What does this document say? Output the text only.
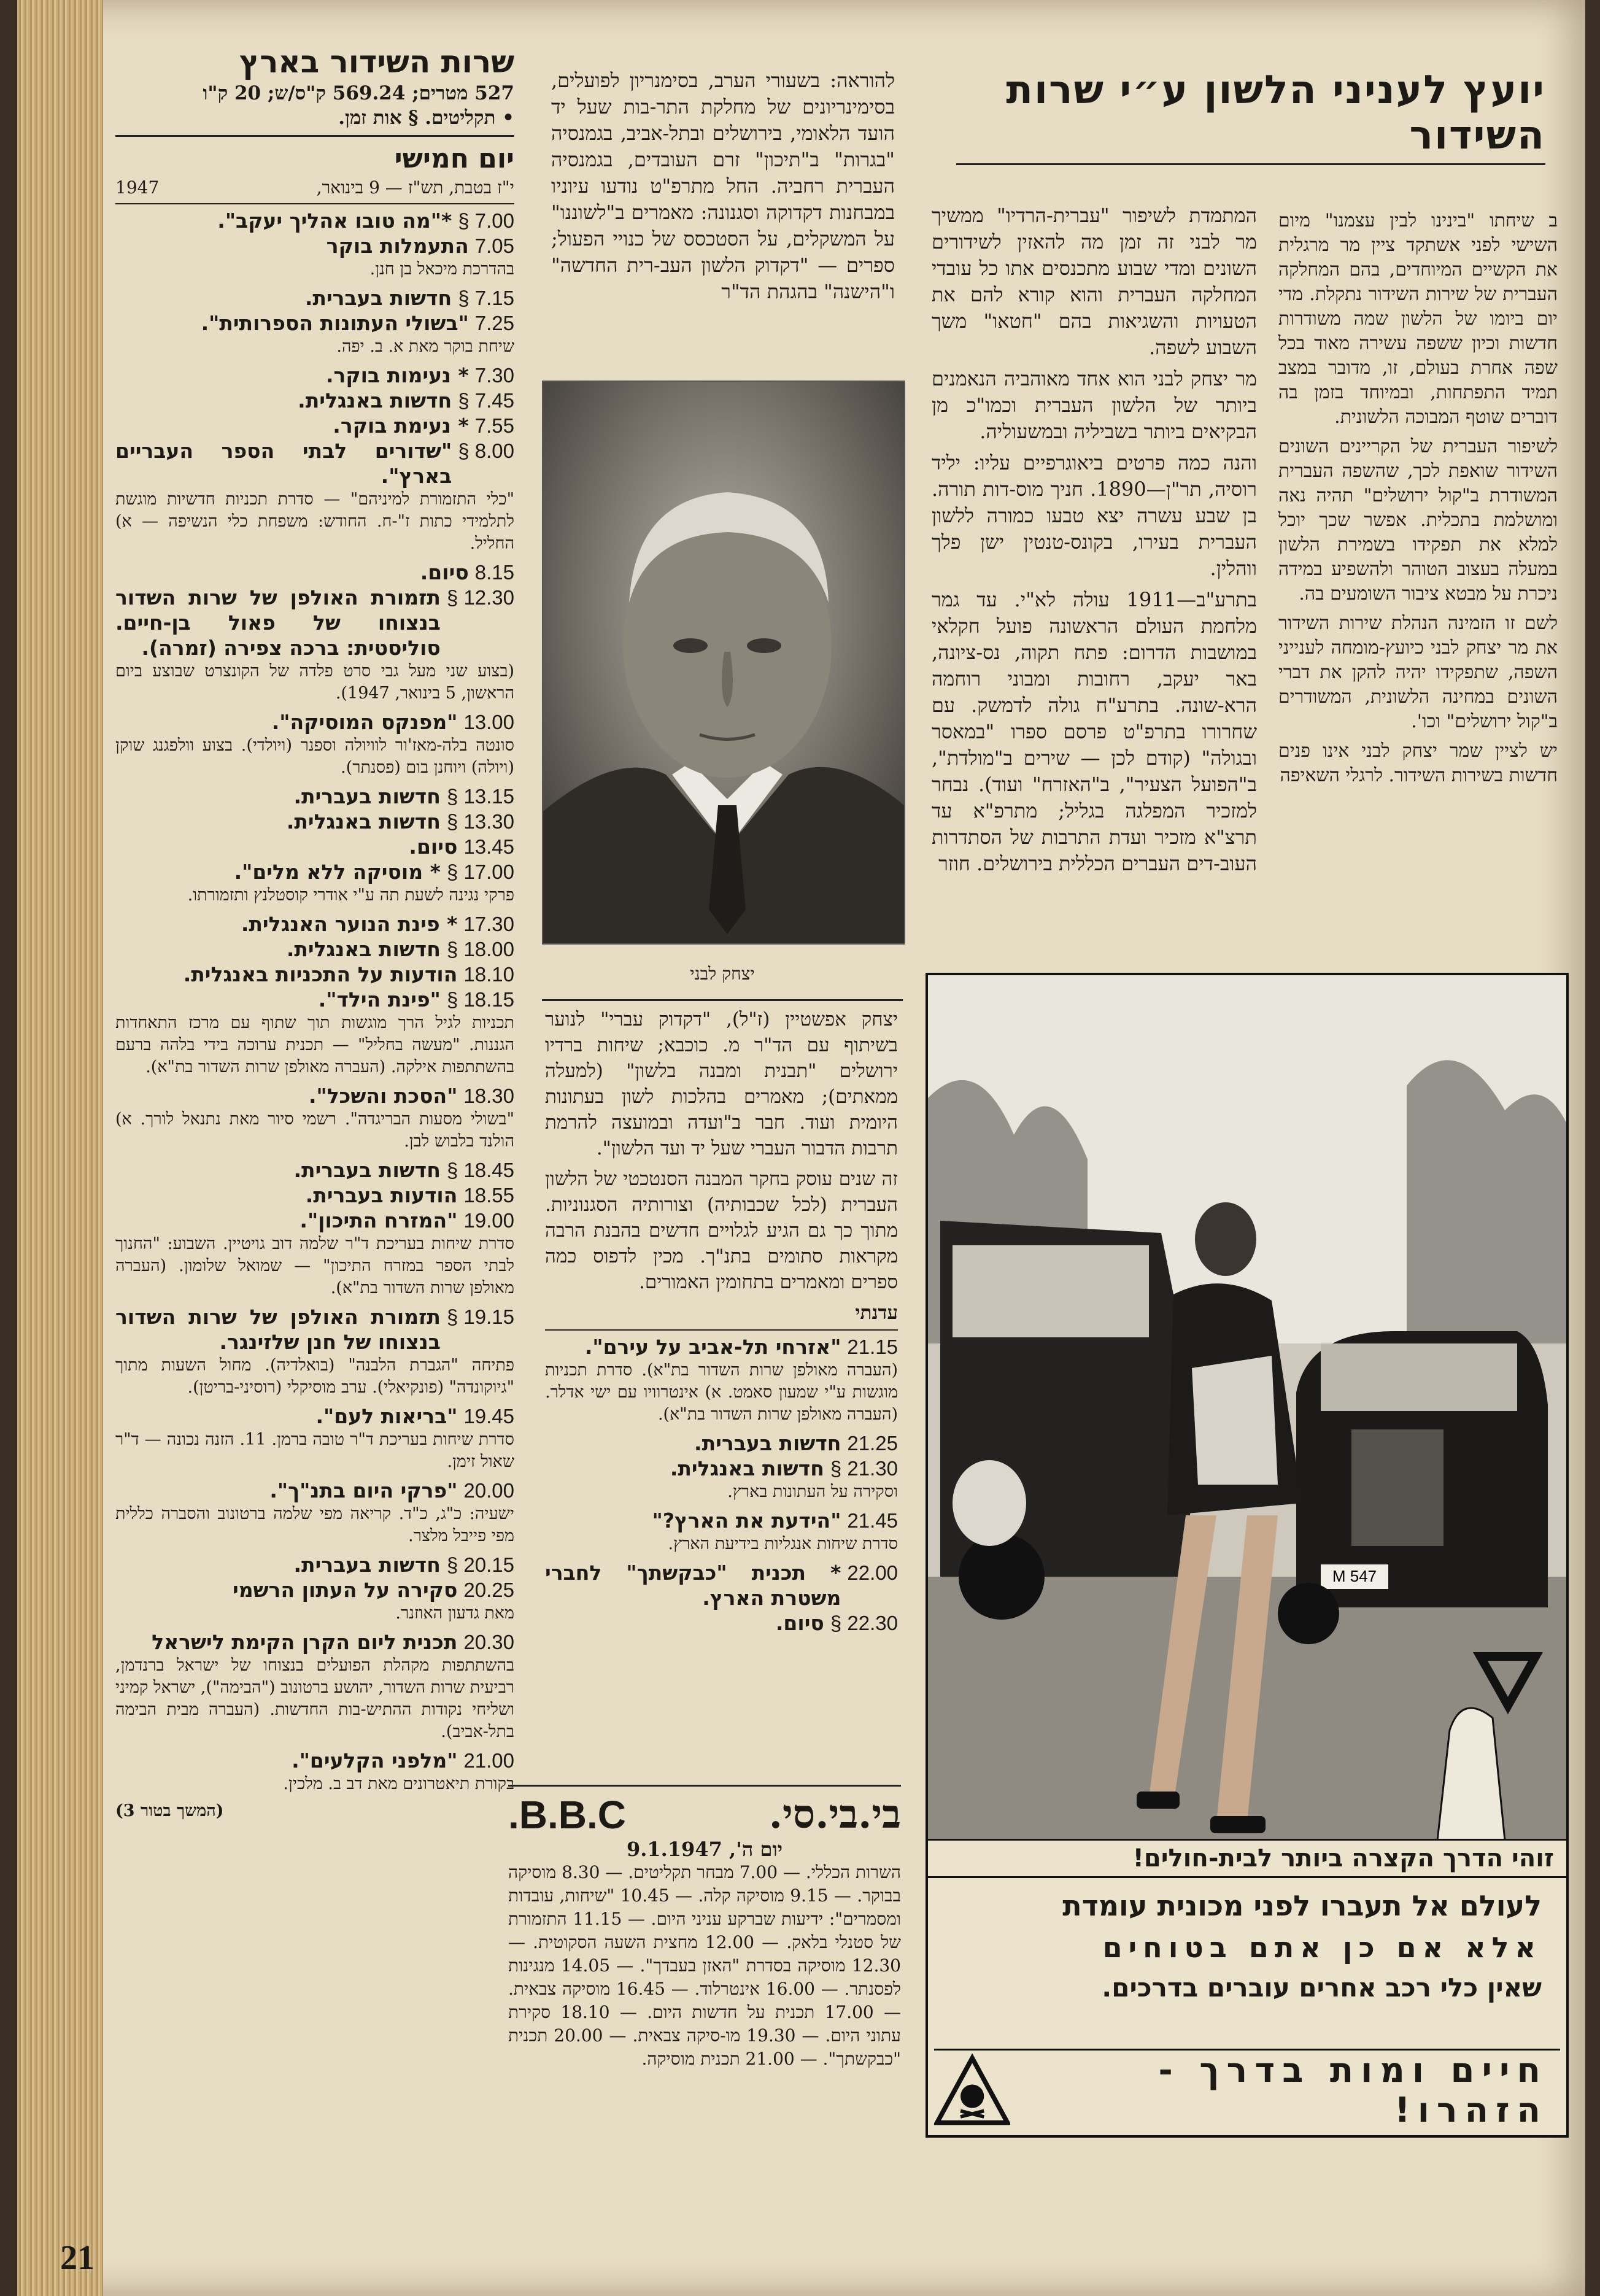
שרות השידור בארץ
527 מטרים; 569.24 ק"ס/ש; 20 ק"ו
• תקליטים. § אות זמן.
יום חמישי
י"ז בטבת, תש"ז — 9 בינואר,
1947
7.00 §
*"מה טובו אהליך יעקב".
7.05
התעמלות בוקר

בהדרכת מיכאל בן חנן.

7.15 §
חדשות בעברית.
7.25
"בשולי העתונות הספרותית".

שיחת בוקר מאת א. ב. יפה.

7.30
* נעימות בוקר.
7.45 §
חדשות באנגלית.
7.55
* נעימת בוקר.
8.00 §
"שדורים לבתי הספר העבריים בארץ".

"כלי התזמורת למיניהם" — סדרת תכניות חדשיות מוגשת לתלמידי כתות ז"-ח. החודש: משפחת כלי הנשיפה — א) החליל.

8.15
סיום.
12.30 §
תזמורת האולפן של שרות השדור בנצוחו של פאול בן-חיים. סוליסטית: ברכה צפירה (זמרה).

(בצוע שני מעל גבי סרט פלדה של הקונצרט שבוצע ביום הראשון, 5 בינואר, 1947).

13.00
"מפנקס המוסיקה".

סונטה בלה-מאז'ור לוויולה וספנר (ויולדי). בצוע וולפגנג שוקן (ויולה) ויוחנן בום (פסנתר).

13.15 §
חדשות בעברית.
13.30 §
חדשות באנגלית.
13.45
סיום.
17.00 §
* מוסיקה ללא מלים".

פרקי נגינה לשעת תה ע"י אודרי קוסטלנץ ותזמורתו.

17.30
* פינת הנוער האנגלית.
18.00 §
חדשות באנגלית.
18.10
הודעות על התכניות באנגלית.
18.15 §
"פינת הילד".

תכניות לגיל הרך מוגשות תוך שתוף עם מרכז התאחדות הגננות. "מעשה בחליל" — תכנית ערוכה בידי בלהה ברעם בהשתתפות אילקה. (העברה מאולפן שרות השדור בת"א).

18.30
"הסכת והשכל".

"בשולי מסעות הבריגדה". רשמי סיור מאת נתנאל לורך. א) הולנד בלבוש לבן.

18.45 §
חדשות בעברית.
18.55
הודעות בעברית.
19.00
"המזרח התיכון".

סדרת שיחות בעריכת ד"ר שלמה דוב גויטיין. השבוע: "החנוך לבתי הספר במזרח התיכון" — שמואל שלומון. (העברה מאולפן שרות השדור בת"א).

19.15 §
תזמורת האולפן של שרות השדור בנצוחו של חנן שלזינגר.

פתיחה "הגברת הלבנה" (בואלדיה). מחול השעות מתוך "גיוקונדה" (פונקיאלי). ערב מוסיקלי (רוסיני-בריטן).

19.45
"בריאות לעם".

סדרת שיחות בעריכת ד"ר טובה ברמן. 11. הזנה נכונה — ד"ר שאול זימן.

20.00
"פרקי היום בתנ"ך".

ישעיה: כ"ג, כ"ד. קריאה מפי שלמה ברטונוב והסברה כללית מפי פייבל מלצר.

20.15 §
חדשות בעברית.
20.25
סקירה על העתון הרשמי

מאת גדעון האוזנר.

20.30
תכנית ליום הקרן הקימת לישראל

בהשתתפות מקהלת הפועלים בנצוחו של ישראל ברנדמן, רביעית שרות השדור, יהושע ברטונוב ("הבימה"), ישראל קמיני ושליחי נקודות ההתיש-בות החדשות. (העברה מבית הבימה בתל-אביב).

21.00
"מלפני הקלעים".

בקורת תיאטרונים מאת דב ב. מלכין.

(המשך בטור 3)

להוראה: בשעורי הערב, בסימנריון לפועלים, בסימינריונים של מחלקת התר-בות שעל יד הועד הלאומי, בירושלים ובתל-אביב, בגמנסיה "בגרות" ב"תיכון" זרם העובדים, בגמנסיה העברית רחביה. החל מתרפ"ט נודעו עיוניו במבחנות דקדוקה וסגנונה: מאמרים ב"לשוננו" על המשקלים, על הסטכסס של כנויי הפעול; ספרים — "דקדוק הלשון העב-רית החדשה" ו"הישנה" בהגהת הד"ר

יצחק לבני

יצחק אפשטיין (ז"ל), "דקדוק עברי" לנוער בשיתוף עם הד"ר מ. כוכבא; שיחות ברדיו ירושלים "תבנית ומבנה בלשון" (למעלה ממאתים); מאמרים בהלכות לשון בעתונות היומית ועוד. חבר ב"ועדה ובמועצה להרמת תרבות הדבור העברי שעל יד ועד הלשון".

זה שנים עוסק בחקר המבנה הסנטכטי של הלשון העברית (לכל שכבותיה) וצורותיה הסגנוניות. מתוך כך גם הגיע לגלויים חדשים בהבנת הרבה מקראות סתומים בתנ"ך. מכין לדפוס כמה ספרים ומאמרים בתחומין האמורים.

עדנתי
21.15
"אזרחי תל-אביב על עירם".

(העברה מאולפן שרות השדור בת"א). סדרת תכניות מוגשות ע"י שמעון סאמט. א) אינטרוויו עם ישי אדלר. (העברה מאולפן שרות השדור בת"א).

21.25
חדשות בעברית.
21.30 §
חדשות באנגלית.

וסקירה על העתונות בארץ.

21.45
"הידעת את הארץ?"

סדרת שיחות אנגליות בידיעת הארץ.

22.00
* תכנית "כבקשתך" לחברי משטרת הארץ.
22.30 §
סיום.
בי.בי.סי.
B.B.C.
יום ה', 9.1.1947

השרות הכללי. — 7.00 מבחר תקליטים. — 8.30 מוסיקה בבוקר. — 9.15 מוסיקה קלה. — 10.45 "שיחות, עובדות ומסמרים": ידיעות שברקע עניני היום. — 11.15 התזמורת של סטנלי בלאק. — 12.00 מחצית השעה הסקוטית. — 12.30 מוסיקה בסדרת "האזן בעבדך". — 14.05 מנגינות לפסנתר. — 16.00 אינטרלוד. — 16.45 מוסיקה צבאית. — 17.00 תכנית על חדשות היום. — 18.10 סקירת עתוני היום. — 19.30 מו-סיקה צבאית. — 20.00 תכנית "כבקשתך". — 21.00 תכנית מוסיקה.

יועץ לעניני הלשון ע״י שרות השידור

המתמדת לשיפור "עברית-הרדיו" ממשיך מר לבני זה זמן מה להאזין לשידורים השונים ומדי שבוע מתכנסים אתו כל עובדי המחלקה העברית והוא קורא להם את הטעויות והשגיאות בהם "חטאו" משך השבוע לשפה.

מר יצחק לבני הוא אחד מאוהביה הנאמנים ביותר של הלשון העברית וכמו"כ מן הבקיאים ביותר בשביליה ובמשעוליה.

והנה כמה פרטים ביאוגרפיים עליו: יליד רוסיה, תר"ן—1890. חניך מוס-דות תורה. בן שבע עשרה יצא טבעו כמורה ללשון העברית בעירו, בקונס-טנטין ישן פלך ווהלין.

בתרע"ב—1911 עולה לא"י. עד גמר מלחמת העולם הראשונה פועל חקלאי במושבות הדרום: פתח תקוה, נס-ציונה, באר יעקב, רחובות ומבוני רוחמה הרא-שונה. בתרע"ח גולה לדמשק. עם שחרורו בתרפ"ט פרסם ספרו "במאסר ובגולה" (קודם לכן — שירים ב"מולדת", ב"הפועל הצעיר", ב"האזרח" ועוד). נבחר למזכיר המפלגה בגליל; מתרפ"א עד תרצ"א מזכיר ועדת התרבות של הסתדרות העוב-דים העברים הכללית בירושלים. חוזר

ב שיחתו "בינינו לבין עצמנו" מיום השישי לפני אשתקד ציין מר מרגלית את הקשיים המיוחדים, בהם המחלקה העברית של שירות השידור נתקלת. מדי יום ביומו של הלשון שמה משודרות חדשות וכיון ששפה עשירה מאוד בכל שפה אחרת בעולם, זו, מדובר במצב תמיד התפתחות, ובמיוחד בזמן בה דוברים שוטף המבוכה הלשונית.

לשיפור העברית של הקריינים השונים השידור שואפת לכך, שהשפה העברית המשודרת ב"קול ירושלים" תהיה נאה ומושלמת בתכלית. אפשר שכך יוכל למלא את תפקידו בשמירת הלשון במעלה בעצוב הטוהר ולהשפיע במידה ניכרת על מבטא ציבור השומעים בה.

לשם זו הזמינה הנהלת שירות השידור את מר יצחק לבני כיועץ-מומחה לענייני השפה, שתפקידו יהיה להקן את דברי השונים במחינה הלשונית, המשודרים ב"קול ירושלים" וכו'.

יש לציין שמר יצחק לבני אינו פנים חדשות בשירות השידור. לרגלי השאיפה

M 547
זוהי הדרך הקצרה ביותר לבית-חולים!
לעולם אל תעברו לפני מכונית עומדת
אלא אם כן אתם בטוחים
שאין כלי רכב אחרים עוברים בדרכים.
חיים ומות בדרך - הזהרו!
21
